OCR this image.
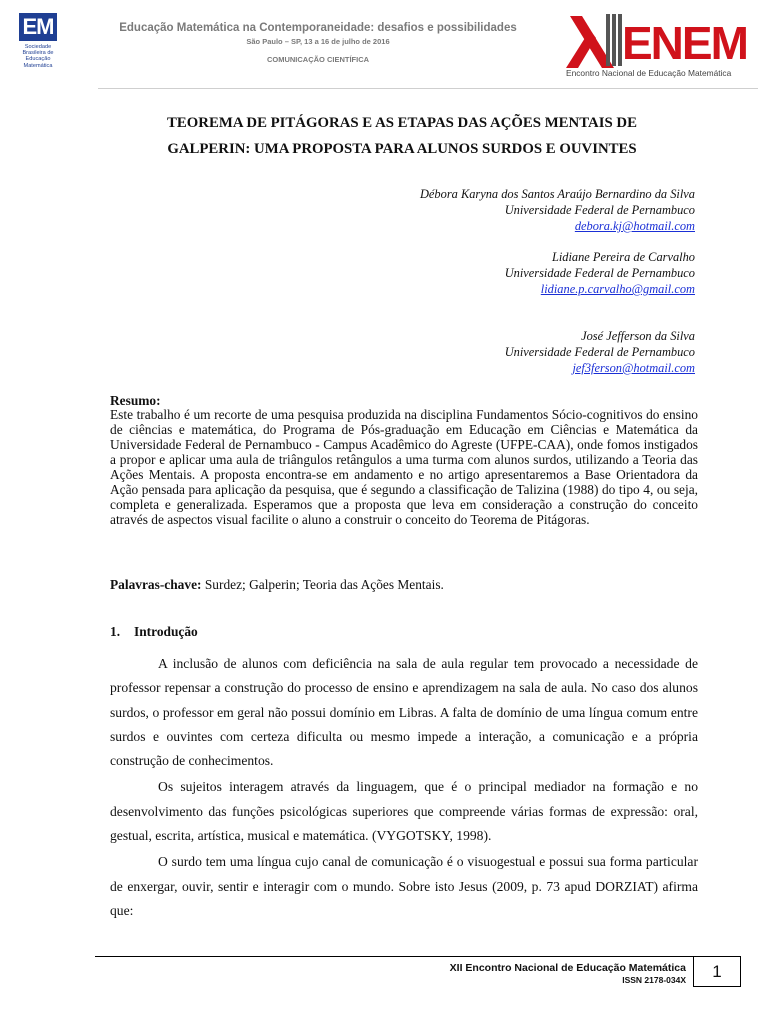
EM
Sociedade
Brasileira de
Educação
Matemática
Educação Matemática na Contemporaneidade: desafios e possibilidades
São Paulo – SP, 13 a 16 de julho de 2016
COMUNICAÇÃO CIENTÍFICA	ENEM
Encontro Nacional de Educação Matemática
TEOREMA DE PITÁGORAS E AS ETAPAS DAS AÇÕES MENTAIS DE
GALPERIN: UMA PROPOSTA PARA ALUNOS SURDOS E OUVINTES
Débora Karyna dos Santos Araújo Bernardino da Silva
Universidade Federal de Pernambuco
debora.kj@hotmail.com
Lidiane Pereira de Carvalho
Universidade Federal de Pernambuco
lidiane.p.carvalho@gmail.com
José Jefferson da Silva
Universidade Federal de Pernambuco
jef3ferson@hotmail.com
Resumo:
Este trabalho é um recorte de uma pesquisa produzida na disciplina Fundamentos Sócio-cognitivos do ensino de ciências e matemática, do Programa de Pós-graduação em Educação em Ciências e Matemática da Universidade Federal de Pernambuco - Campus Acadêmico do Agreste (UFPE-CAA), onde fomos instigados a propor e aplicar uma aula de triângulos retângulos a uma turma com alunos surdos, utilizando a Teoria das Ações Mentais. A proposta encontra-se em andamento e no artigo apresentaremos a Base Orientadora da Ação pensada para aplicação da pesquisa, que é segundo a classificação de Talizina (1988) do tipo 4, ou seja, completa e generalizada. Esperamos que a proposta que leva em consideração a construção do conceito através de aspectos visual facilite o aluno a construir o conceito do Teorema de Pitágoras.
Palavras-chave: Surdez; Galperin; Teoria das Ações Mentais.
1. Introdução

A inclusão de alunos com deficiência na sala de aula regular tem provocado a necessidade de professor repensar a construção do processo de ensino e aprendizagem na sala de aula. No caso dos alunos surdos, o professor em geral não possui domínio em Libras. A falta de domínio de uma língua comum entre surdos e ouvintes com certeza dificulta ou mesmo impede a interação, a comunicação e a própria construção de conhecimentos.

Os sujeitos interagem através da linguagem, que é o principal mediador na formação e no desenvolvimento das funções psicológicas superiores que compreende várias formas de expressão: oral, gestual, escrita, artística, musical e matemática. (VYGOTSKY, 1998).

O surdo tem uma língua cujo canal de comunicação é o visuogestual e possui sua forma particular de enxergar, ouvir, sentir e interagir com o mundo. Sobre isto Jesus (2009, p. 73 apud DORZIAT) afirma que:

XII Encontro Nacional de Educação Matemática
ISSN 2178-034X	1
